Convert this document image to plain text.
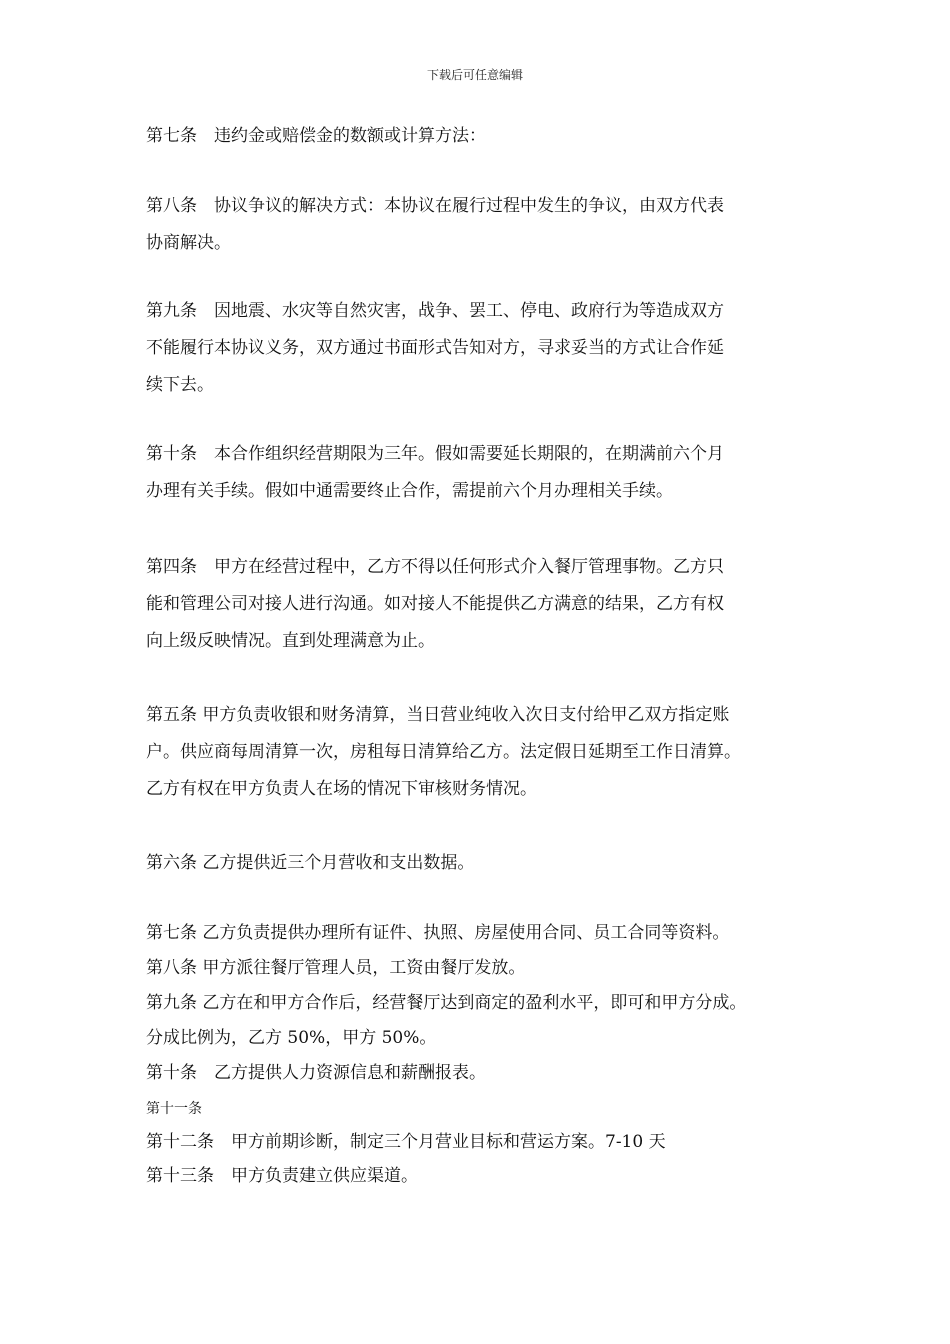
下载后可任意编辑
第七条　违约金或赔偿金的数额或计算方法：
第八条　协议争议的解决方式：本协议在履行过程中发生的争议，由双方代表
协商解决。
第九条　因地震、水灾等自然灾害，战争、罢工、停电、政府行为等造成双方
不能履行本协议义务，双方通过书面形式告知对方，寻求妥当的方式让合作延
续下去。
第十条　本合作组织经营期限为三年。假如需要延长期限的，在期满前六个月
办理有关手续。假如中通需要终止合作，需提前六个月办理相关手续。
第四条　甲方在经营过程中，乙方不得以任何形式介入餐厅管理事物。乙方只
能和管理公司对接人进行沟通。如对接人不能提供乙方满意的结果，乙方有权
向上级反映情况。直到处理满意为止。
第五条 甲方负责收银和财务清算，当日营业纯收入次日支付给甲乙双方指定账
户。供应商每周清算一次，房租每日清算给乙方。法定假日延期至工作日清算。
乙方有权在甲方负责人在场的情况下审核财务情况。
第六条 乙方提供近三个月营收和支出数据。
第七条 乙方负责提供办理所有证件、执照、房屋使用合同、员工合同等资料。
第八条 甲方派往餐厅管理人员，工资由餐厅发放。
第九条 乙方在和甲方合作后，经营餐厅达到商定的盈利水平，即可和甲方分成。
分成比例为，乙方 50%，甲方 50%。
第十条　乙方提供人力资源信息和薪酬报表。
第十一条
第十二条　甲方前期诊断，制定三个月营业目标和营运方案。7-10 天
第十三条　甲方负责建立供应渠道。
